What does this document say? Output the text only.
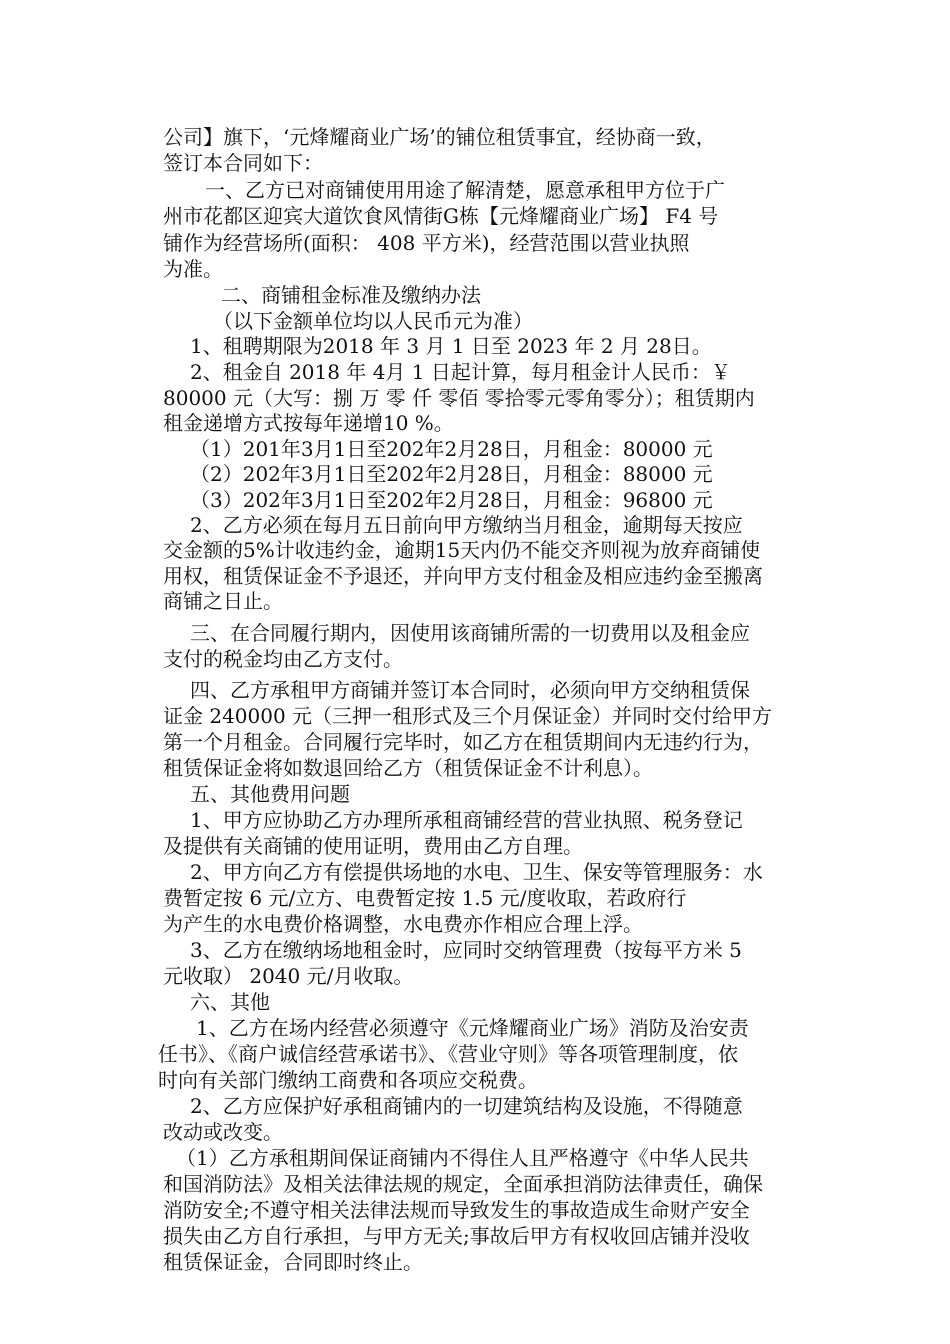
公司】旗下，‘元烽耀商业广场’的铺位租赁事宜，经协商一致，
签订本合同如下：
一、乙方已对商铺使用用途了解清楚，愿意承租甲方位于广
州市花都区迎宾大道饮食风情街G栋【元烽耀商业广场】 F4 号
铺作为经营场所(面积： 408 平方米)，经营范围以营业执照
为准。
二、商铺租金标准及缴纳办法
（以下金额单位均以人民币元为准）
1、租聘期限为2018 年 3 月 1 日至 2023 年 2 月 28日。
2、租金自 2018 年 4月 1 日起计算，每月租金计人民币：￥
80000 元（大写：捌 万 零 仟 零佰 零拾零元零角零分）；租赁期内
租金递增方式按每年递增10 %。
（1）201年3月1日至202年2月28日，月租金：80000 元
（2）202年3月1日至202年2月28日，月租金：88000 元
（3）202年3月1日至202年2月28日，月租金：96800 元
2、乙方必须在每月五日前向甲方缴纳当月租金，逾期每天按应
交金额的5%计收违约金，逾期15天内仍不能交齐则视为放弃商铺使
用权，租赁保证金不予退还，并向甲方支付租金及相应违约金至搬离
商铺之日止。
三、在合同履行期内，因使用该商铺所需的一切费用以及租金应
支付的税金均由乙方支付。
四、乙方承租甲方商铺并签订本合同时，必须向甲方交纳租赁保
证金 240000 元（三押一租形式及三个月保证金）并同时交付给甲方
第一个月租金。合同履行完毕时，如乙方在租赁期间内无违约行为，
租赁保证金将如数退回给乙方（租赁保证金不计利息）。
五、其他费用问题
1、甲方应协助乙方办理所承租商铺经营的营业执照、税务登记
及提供有关商铺的使用证明，费用由乙方自理。
2、甲方向乙方有偿提供场地的水电、卫生、保安等管理服务：水
费暂定按 6 元/立方、电费暂定按 1.5 元/度收取，若政府行
为产生的水电费价格调整，水电费亦作相应合理上浮。
3、乙方在缴纳场地租金时，应同时交纳管理费（按每平方米 5
元收取） 2040 元/月收取。
六、其他
1、乙方在场内经营必须遵守《元烽耀商业广场》消防及治安责
任书》、《商户诚信经营承诺书》、《营业守则》等各项管理制度，依
时向有关部门缴纳工商费和各项应交税费。
2、乙方应保护好承租商铺内的一切建筑结构及设施，不得随意
改动或改变。
（1）乙方承租期间保证商铺内不得住人且严格遵守《中华人民共
和国消防法》及相关法律法规的规定，全面承担消防法律责任，确保
消防安全;不遵守相关法律法规而导致发生的事故造成生命财产安全
损失由乙方自行承担，与甲方无关;事故后甲方有权收回店铺并没收
租赁保证金，合同即时终止。
